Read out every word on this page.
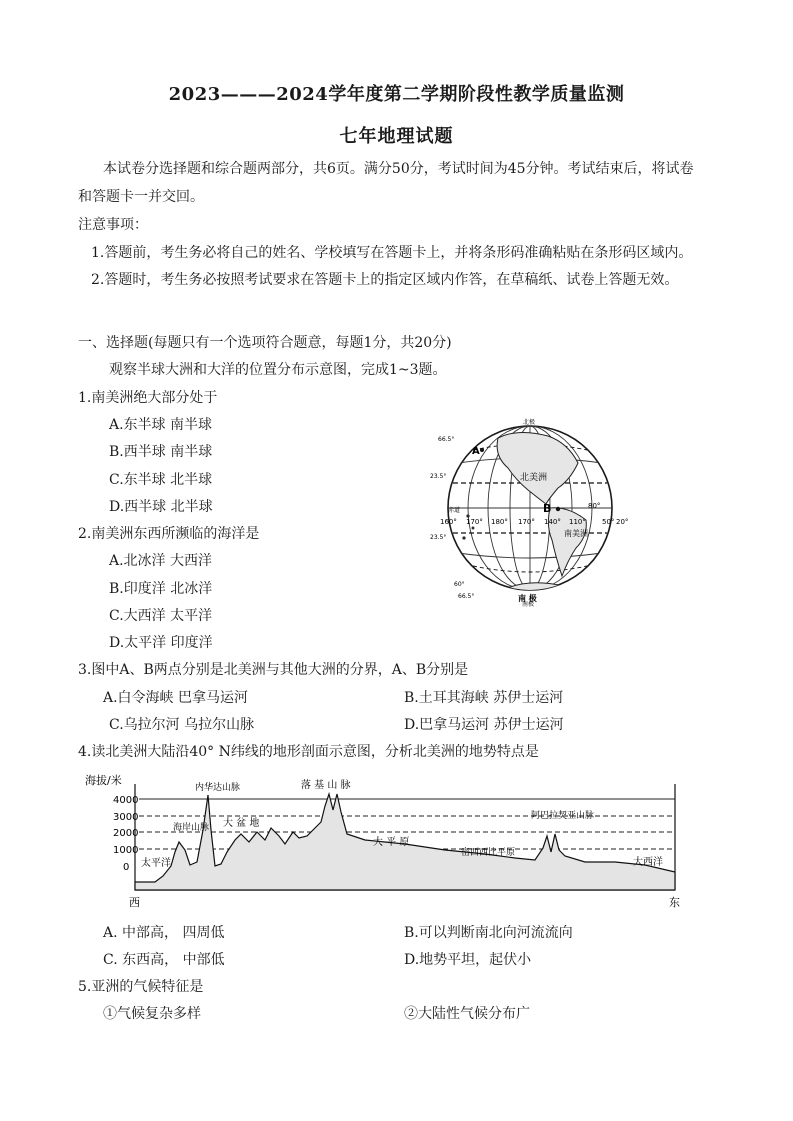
2023———2024学年度第二学期阶段性教学质量监测
七年地理试题
本试卷分选择题和综合题两部分，共6页。满分50分，考试时间为45分钟。考试结束后，将试卷
和答题卡一并交回。
注意事项：
1.答题前，考生务必将自己的姓名、学校填写在答题卡上，并将条形码准确粘贴在条形码区域内。
2.答题时，考生务必按照考试要求在答题卡上的指定区域内作答，在草稿纸、试卷上答题无效。
一、选择题(每题只有一个选项符合题意，每题1分，共20分)
观察半球大洲和大洋的位置分布示意图，完成1~3题。
1.南美洲绝大部分处于
A.东半球 南半球
B.西半球 南半球
C.东半球 北半球
D.西半球 北半球
2.南美洲东西所濒临的海洋是
A.北冰洋 大西洋
B.印度洋 北冰洋
C.大西洋 太平洋
D.太平洋 印度洋
3.图中A、B两点分别是北美洲与其他大洲的分界，A、B分别是
A.白令海峡 巴拿马运河	B.土耳其海峡 苏伊士运河
C.乌拉尔河 乌拉尔山脉	D.巴拿马运河 苏伊士运河
4.读北美洲大陆沿40° N纬线的地形剖面示意图，分析北美洲的地势特点是
A. 中部高， 四周低	B.可以判断南北向河流流向
C. 东西高， 中部低	D.地势平坦，起伏小
5.亚洲的气候特征是
①气候复杂多样	②大陆性气候分布广
23.5°
23.5°
66.5°
赤道
60°
66.5°
北极
南极
160° 170° 180° 170° 140° 110°
80°
50° 20°
A
B
北美洲
南美洲
南 极
海拔/米
4000
3000
2000
1000
0 太平洋
海岸山脉
内华达山脉
大 盆 地
落 基 山 脉
大 平 原
密西西比平原
阿巴拉契亚山脉
大西洋
西	东
